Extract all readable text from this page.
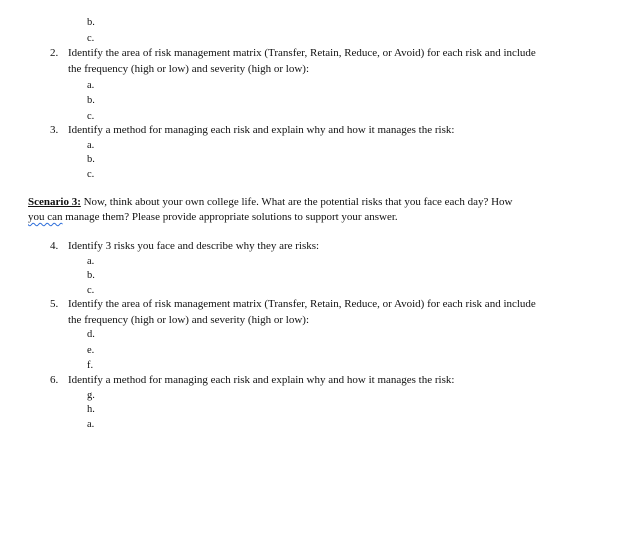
b.
c.
2. Identify the area of risk management matrix (Transfer, Retain, Reduce, or Avoid) for each risk and include
the frequency (high or low) and severity (high or low):
a.
b.
c.
3. Identify a method for managing each risk and explain why and how it manages the risk:
a.
b.
c.
Scenario 3: Now, think about your own college life. What are the potential risks that you face each day? How
you can manage them? Please provide appropriate solutions to support your answer.
4. Identify 3 risks you face and describe why they are risks:
a.
b.
c.
5. Identify the area of risk management matrix (Transfer, Retain, Reduce, or Avoid) for each risk and include
the frequency (high or low) and severity (high or low):
d.
e.
f.
6. Identify a method for managing each risk and explain why and how it manages the risk:
g.
h.
a.
